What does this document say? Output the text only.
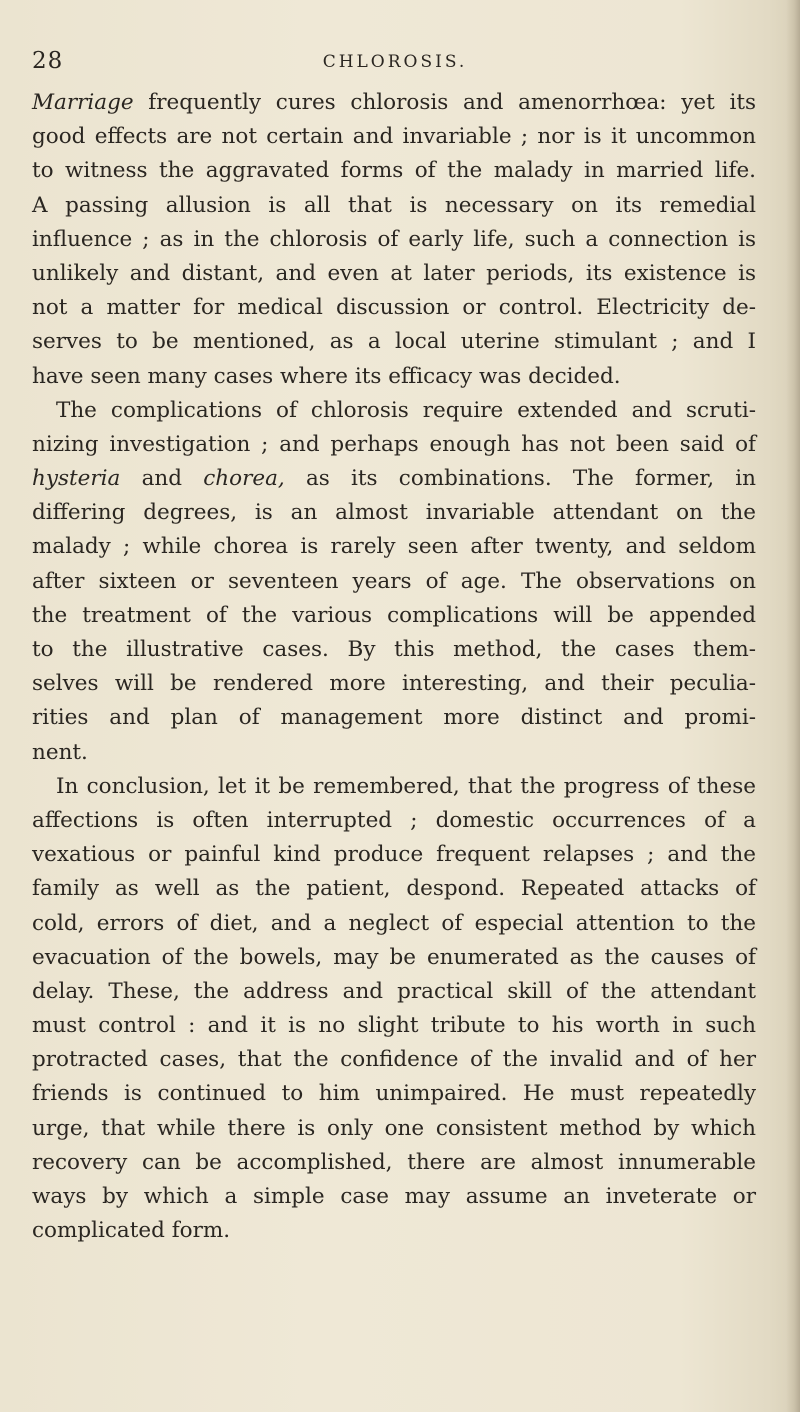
28	CHLOROSIS.
Marriage frequently cures chlorosis and amenorrhœa: yet its
good effects are not certain and invariable ; nor is it uncommon
to witness the aggravated forms of the malady in married life.
A passing allusion is all that is necessary on its remedial
influence ; as in the chlorosis of early life, such a connection is
unlikely and distant, and even at later periods, its existence is
not a matter for medical discussion or control. Electricity de-
serves to be mentioned, as a local uterine stimulant ; and I
have seen many cases where its efficacy was decided.
The complications of chlorosis require extended and scruti-
nizing investigation ; and perhaps enough has not been said of
hysteria and chorea, as its combinations. The former, in
differing degrees, is an almost invariable attendant on the
malady ; while chorea is rarely seen after twenty, and seldom
after sixteen or seventeen years of age. The observations on
the treatment of the various complications will be appended
to the illustrative cases. By this method, the cases them-
selves will be rendered more interesting, and their peculia-
rities and plan of management more distinct and promi-
nent.
In conclusion, let it be remembered, that the progress of these
affections is often interrupted ; domestic occurrences of a
vexatious or painful kind produce frequent relapses ; and the
family as well as the patient, despond. Repeated attacks of
cold, errors of diet, and a neglect of especial attention to the
evacuation of the bowels, may be enumerated as the causes of
delay. These, the address and practical skill of the attendant
must control : and it is no slight tribute to his worth in such
protracted cases, that the confidence of the invalid and of her
friends is continued to him unimpaired. He must repeatedly
urge, that while there is only one consistent method by which
recovery can be accomplished, there are almost innumerable
ways by which a simple case may assume an inveterate or
complicated form.
